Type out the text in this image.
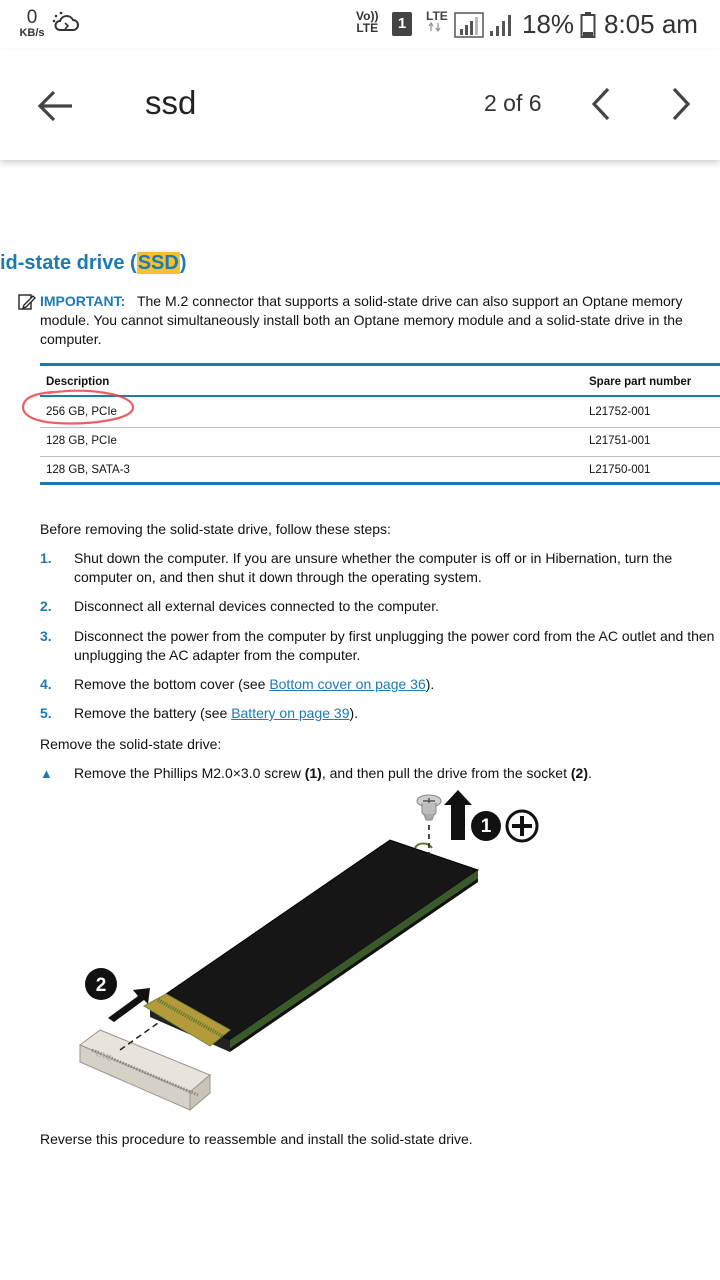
0
KB/s
Vo))
LTE	1	LTE	18% 8:05 am
ssd	2 of 6
id-state drive (SSD)
IMPORTANT: The M.2 connector that supports a solid-state drive can also support an Optane memory module. You cannot simultaneously install both an Optane memory module and a solid-state drive in the computer.
Description	Spare part number
256 GB, PCIe	L21752-001
128 GB, PCIe	L21751-001
128 GB, SATA-3	L21750-001
Before removing the solid-state drive, follow these steps:
1. Shut down the computer. If you are unsure whether the computer is off or in Hibernation, turn the computer on, and then shut it down through the operating system.
2. Disconnect all external devices connected to the computer.
3. Disconnect the power from the computer by first unplugging the power cord from the AC outlet and then unplugging the AC adapter from the computer.
4. Remove the bottom cover (see Bottom cover on page 36).
5. Remove the battery (see Battery on page 39).
Remove the solid-state drive:
▲ Remove the Phillips M2.0×3.0 screw (1), and then pull the drive from the socket (2).
LIVE
1
2
Reverse this procedure to reassemble and install the solid-state drive.
